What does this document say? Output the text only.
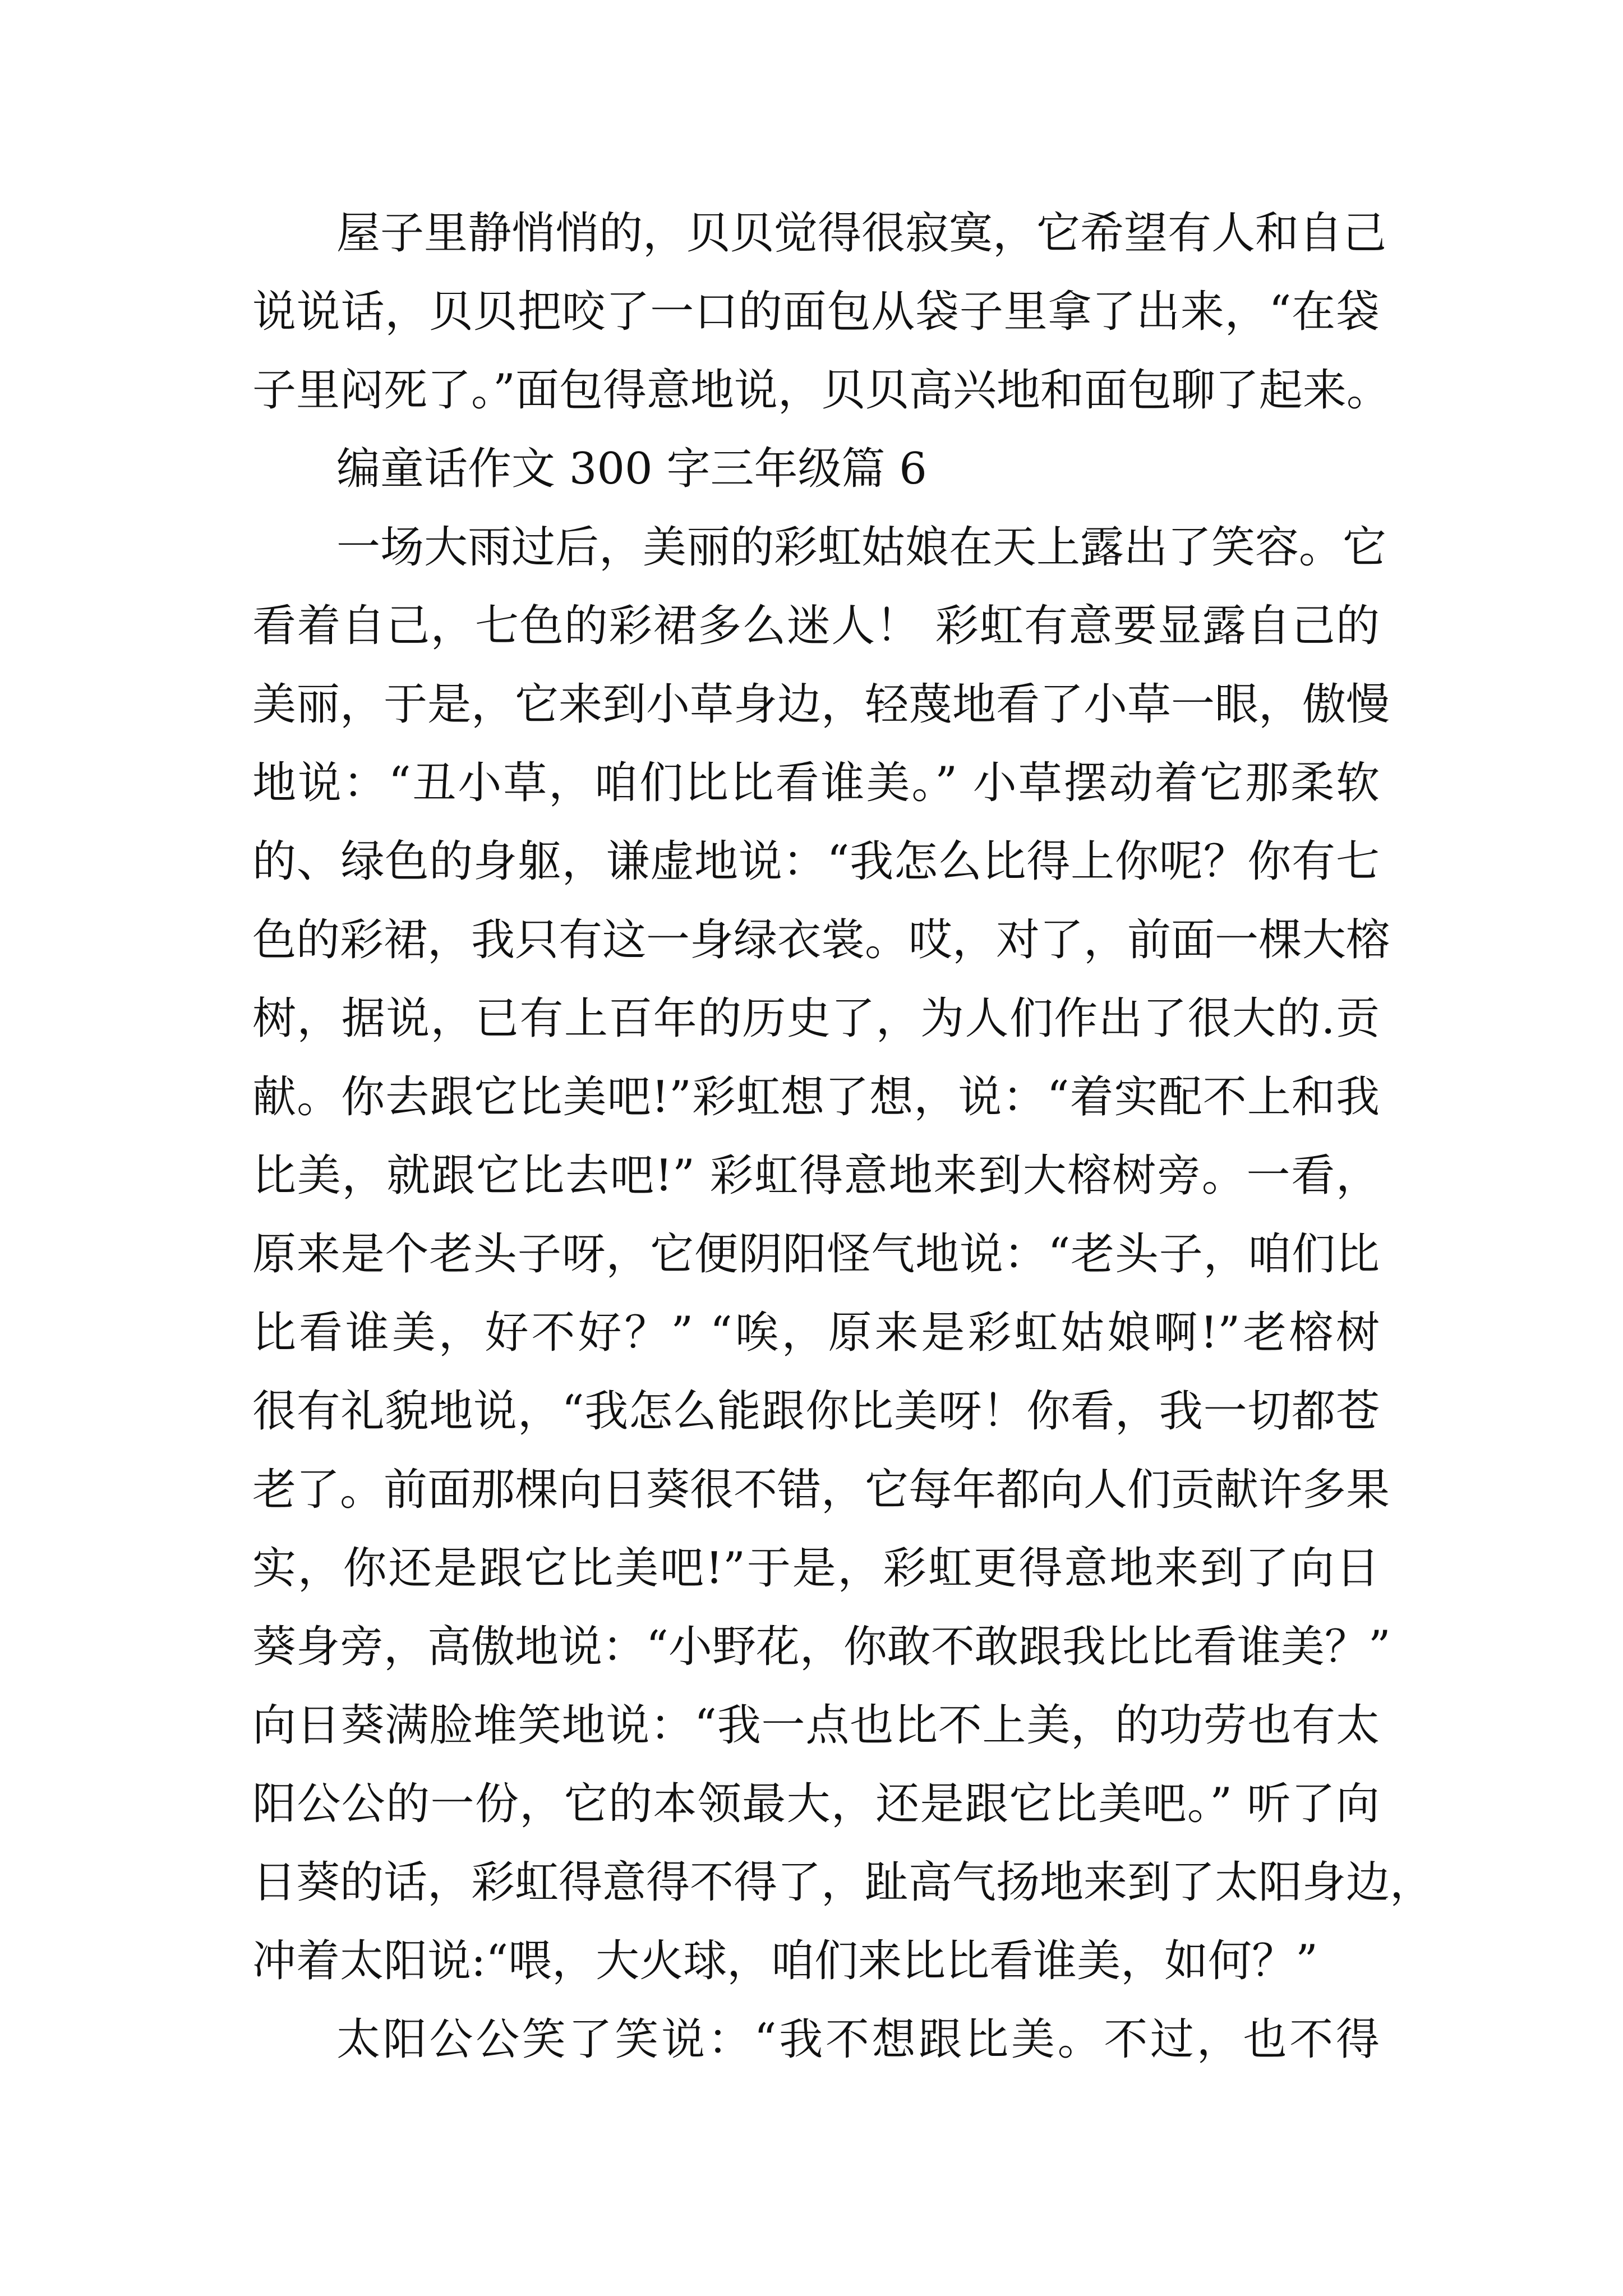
屋子里静悄悄的，贝贝觉得很寂寞，它希望有人和自己
说说话，贝贝把咬了一口的面包从袋子里拿了出来，“在袋
子里闷死了。”面包得意地说，贝贝高兴地和面包聊了起来。
编童话作文 300 字三年级篇 6
一场大雨过后，美丽的彩虹姑娘在天上露出了笑容。它
看着自己，七色的彩裙多么迷人！ 彩虹有意要显露自己的
美丽，于是，它来到小草身边，轻蔑地看了小草一眼，傲慢
地说：“丑小草，咱们比比看谁美。” 小草摆动着它那柔软
的、绿色的身躯，谦虚地说：“我怎么比得上你呢？你有七
色的彩裙，我只有这一身绿衣裳。哎，对了，前面一棵大榕
树，据说，已有上百年的历史了，为人们作出了很大的.贡
献。你去跟它比美吧!”彩虹想了想，说：“着实配不上和我
比美，就跟它比去吧!” 彩虹得意地来到大榕树旁。一看，
原来是个老头子呀，它便阴阳怪气地说：“老头子，咱们比
比看谁美，好不好？” “唉，原来是彩虹姑娘啊!”老榕树
很有礼貌地说，“我怎么能跟你比美呀！你看，我一切都苍
老了。前面那棵向日葵很不错，它每年都向人们贡献许多果
实，你还是跟它比美吧!”于是，彩虹更得意地来到了向日
葵身旁，高傲地说：“小野花，你敢不敢跟我比比看谁美？”
向日葵满脸堆笑地说：“我一点也比不上美，的功劳也有太
阳公公的一份，它的本领最大，还是跟它比美吧。” 听了向
日葵的话，彩虹得意得不得了，趾高气扬地来到了太阳身边，
冲着太阳说:“喂，大火球，咱们来比比看谁美，如何？”
太阳公公笑了笑说：“我不想跟比美。不过，也不得
